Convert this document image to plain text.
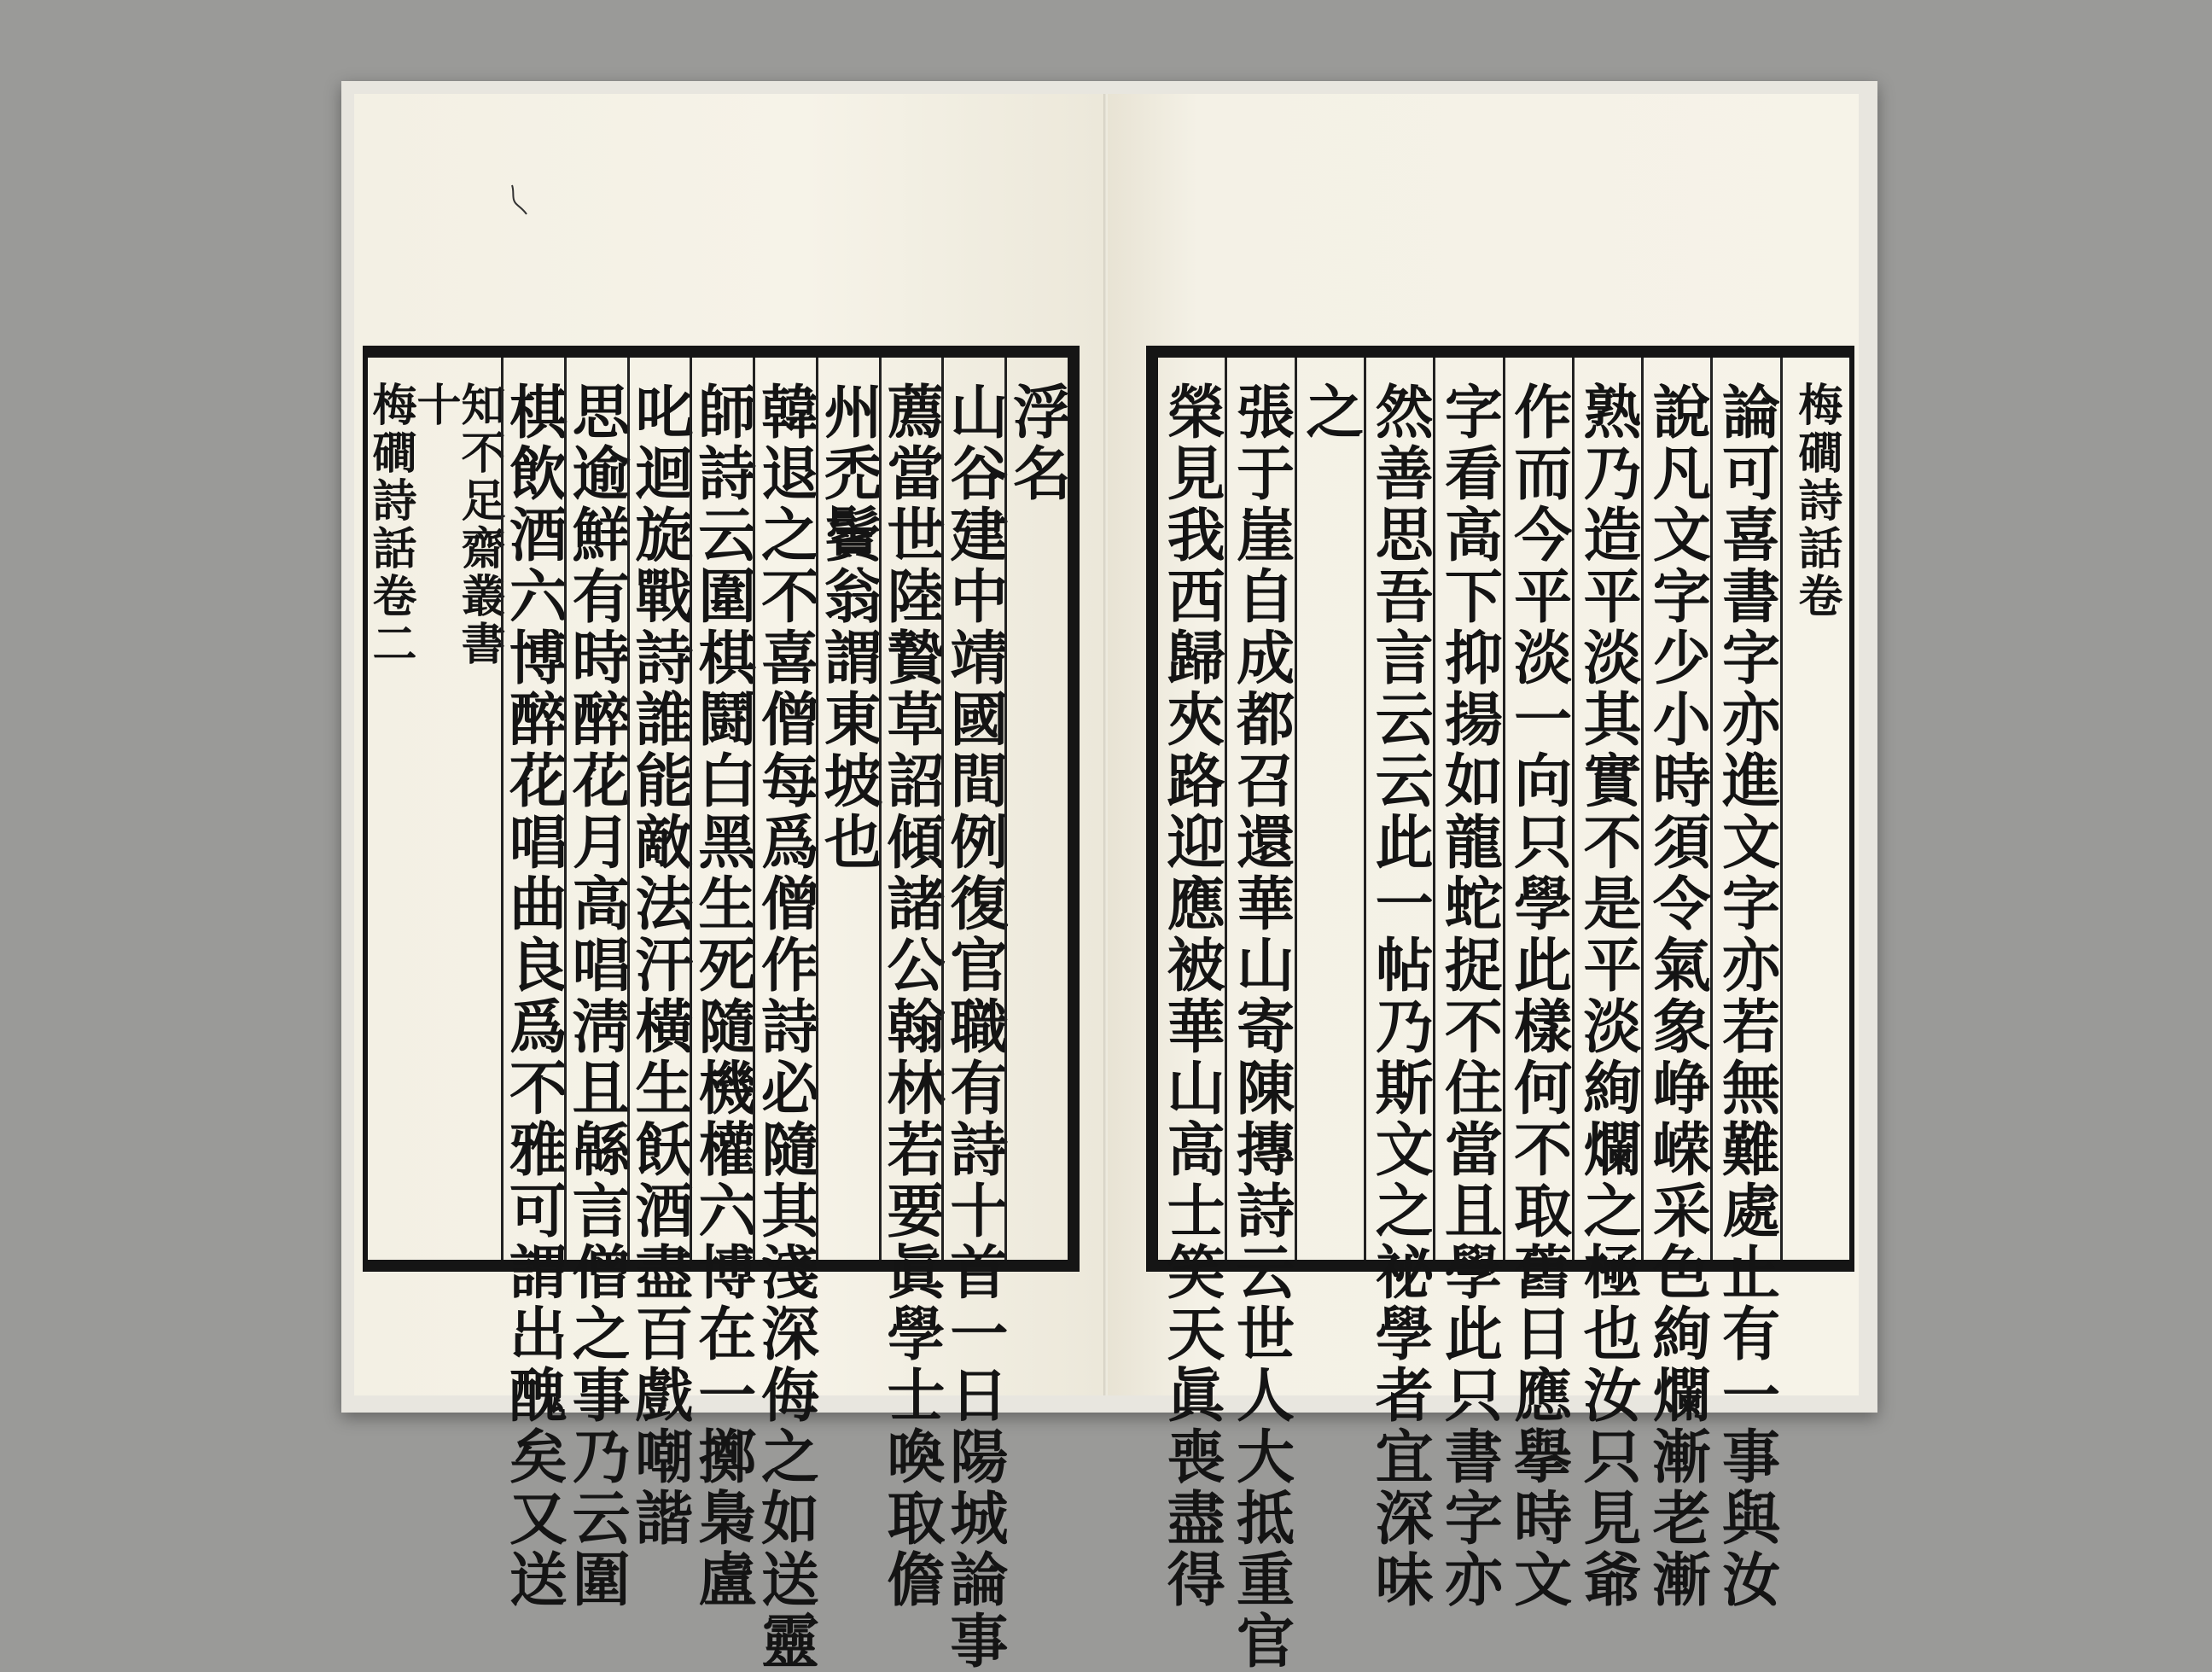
浮名
山谷建中靖國間例復官職有詩十首一日陽城論事
薦當世陸贄草詔傾諸公翰林若要眞學士喚取儋
州禿鬢翁謂東坡也
韓退之不喜僧每爲僧作詩必隨其淺深侮之如送靈
師詩云圍棋鬪白黑生死隨機權六博在一擲梟盧
叱迴旋戰詩誰能敵法汗橫生飫酒盡百戲嘲諧
思逾鮮有時醉花月高唱淸且緜言僧之事乃云圍
棋飲酒六博醉花唱曲良爲不雅可謂出醜矣又送
梅磵詩話卷二
十
知不足齋叢書	梅磵詩話卷
論可喜書字亦進文字亦若無難處止有一事與汝
說凡文字少小時須令氣象峥嵘采色絢爛漸老漸
熟乃造平淡其實不是平淡絢爛之極也汝只見爺
作而今平淡一向只學此樣何不取舊日應擧時文
字看高下抑揚如龍蛇捉不住當且學此只書字亦
然善思吾言云云此一帖乃斯文之祕學者宜深味
之
張于崖自成都召還華山寄陳摶詩云世人大抵重官
榮見我西歸夾路迎應被華山高士笑天眞喪盡得
